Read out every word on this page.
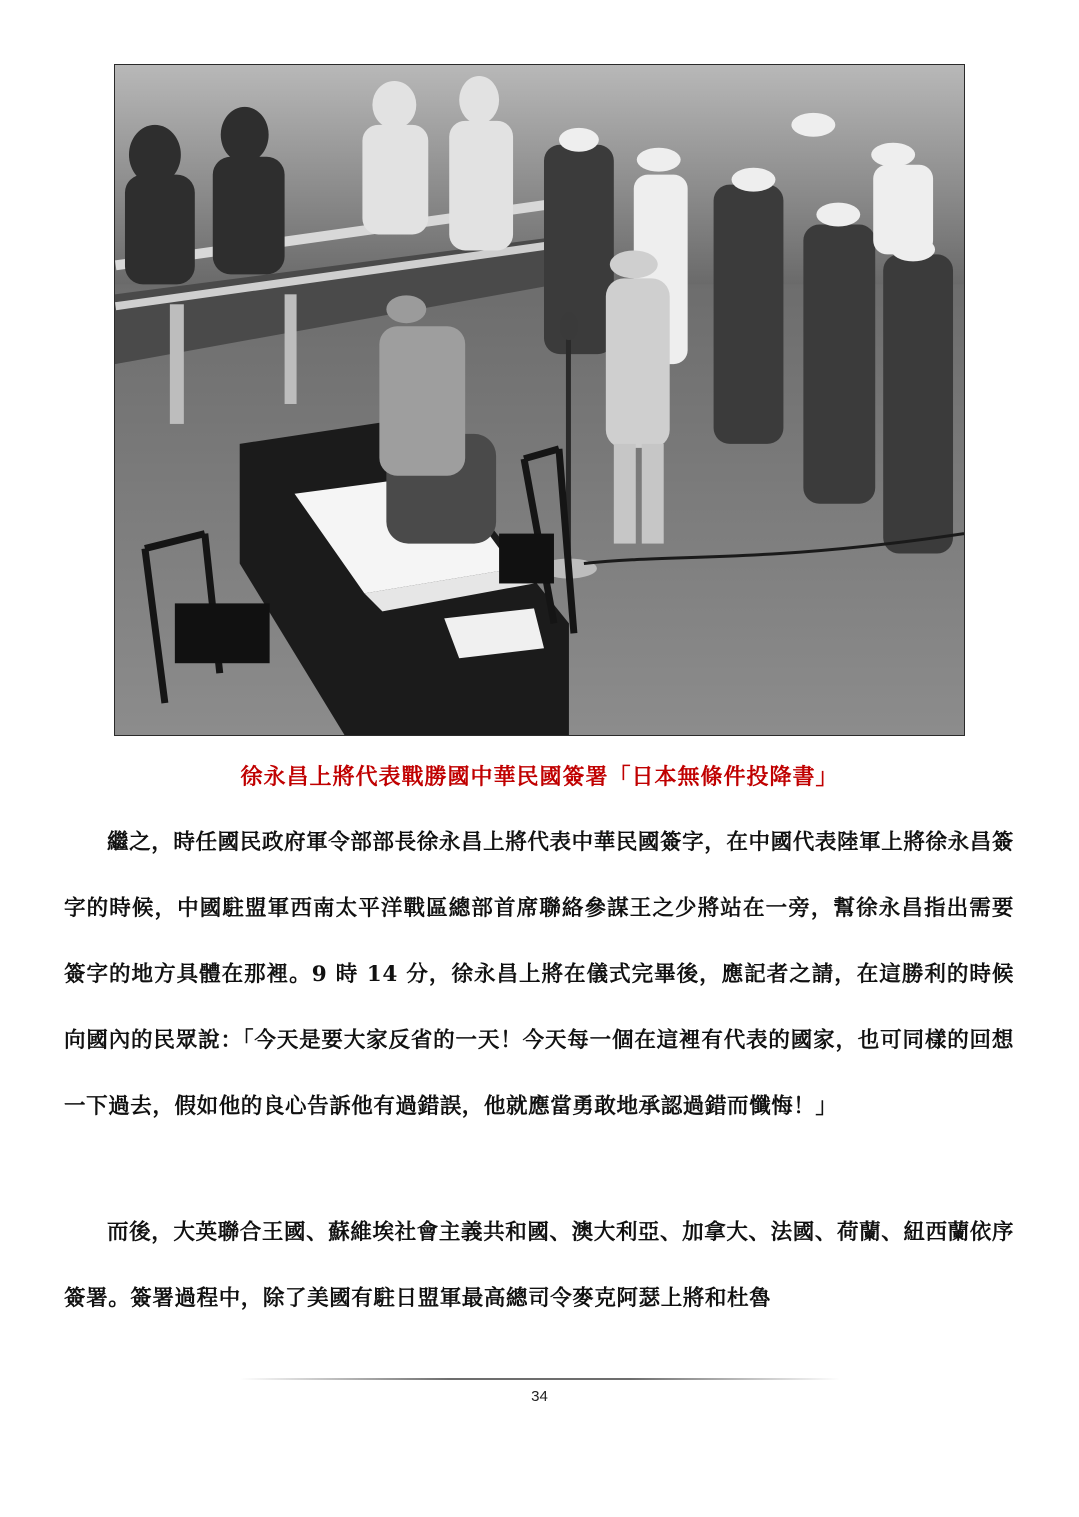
徐永昌上將代表戰勝國中華民國簽署「日本無條件投降書」

繼之，時任國民政府軍令部部長徐永昌上將代表中華民國簽字，在中國代表陸軍上將徐永昌簽字的時候，中國駐盟軍西南太平洋戰區總部首席聯絡參謀王之少將站在一旁，幫徐永昌指出需要簽字的地方具體在那裡。9 時 14 分，徐永昌上將在儀式完畢後，應記者之請，在這勝利的時候向國內的民眾說：「今天是要大家反省的一天！今天每一個在這裡有代表的國家，也可同樣的回想一下過去，假如他的良心告訴他有過錯誤，他就應當勇敢地承認過錯而懺悔！」

而後，大英聯合王國、蘇維埃社會主義共和國、澳大利亞、加拿大、法國、荷蘭、紐西蘭依序簽署。簽署過程中，除了美國有駐日盟軍最高總司令麥克阿瑟上將和杜魯

34
